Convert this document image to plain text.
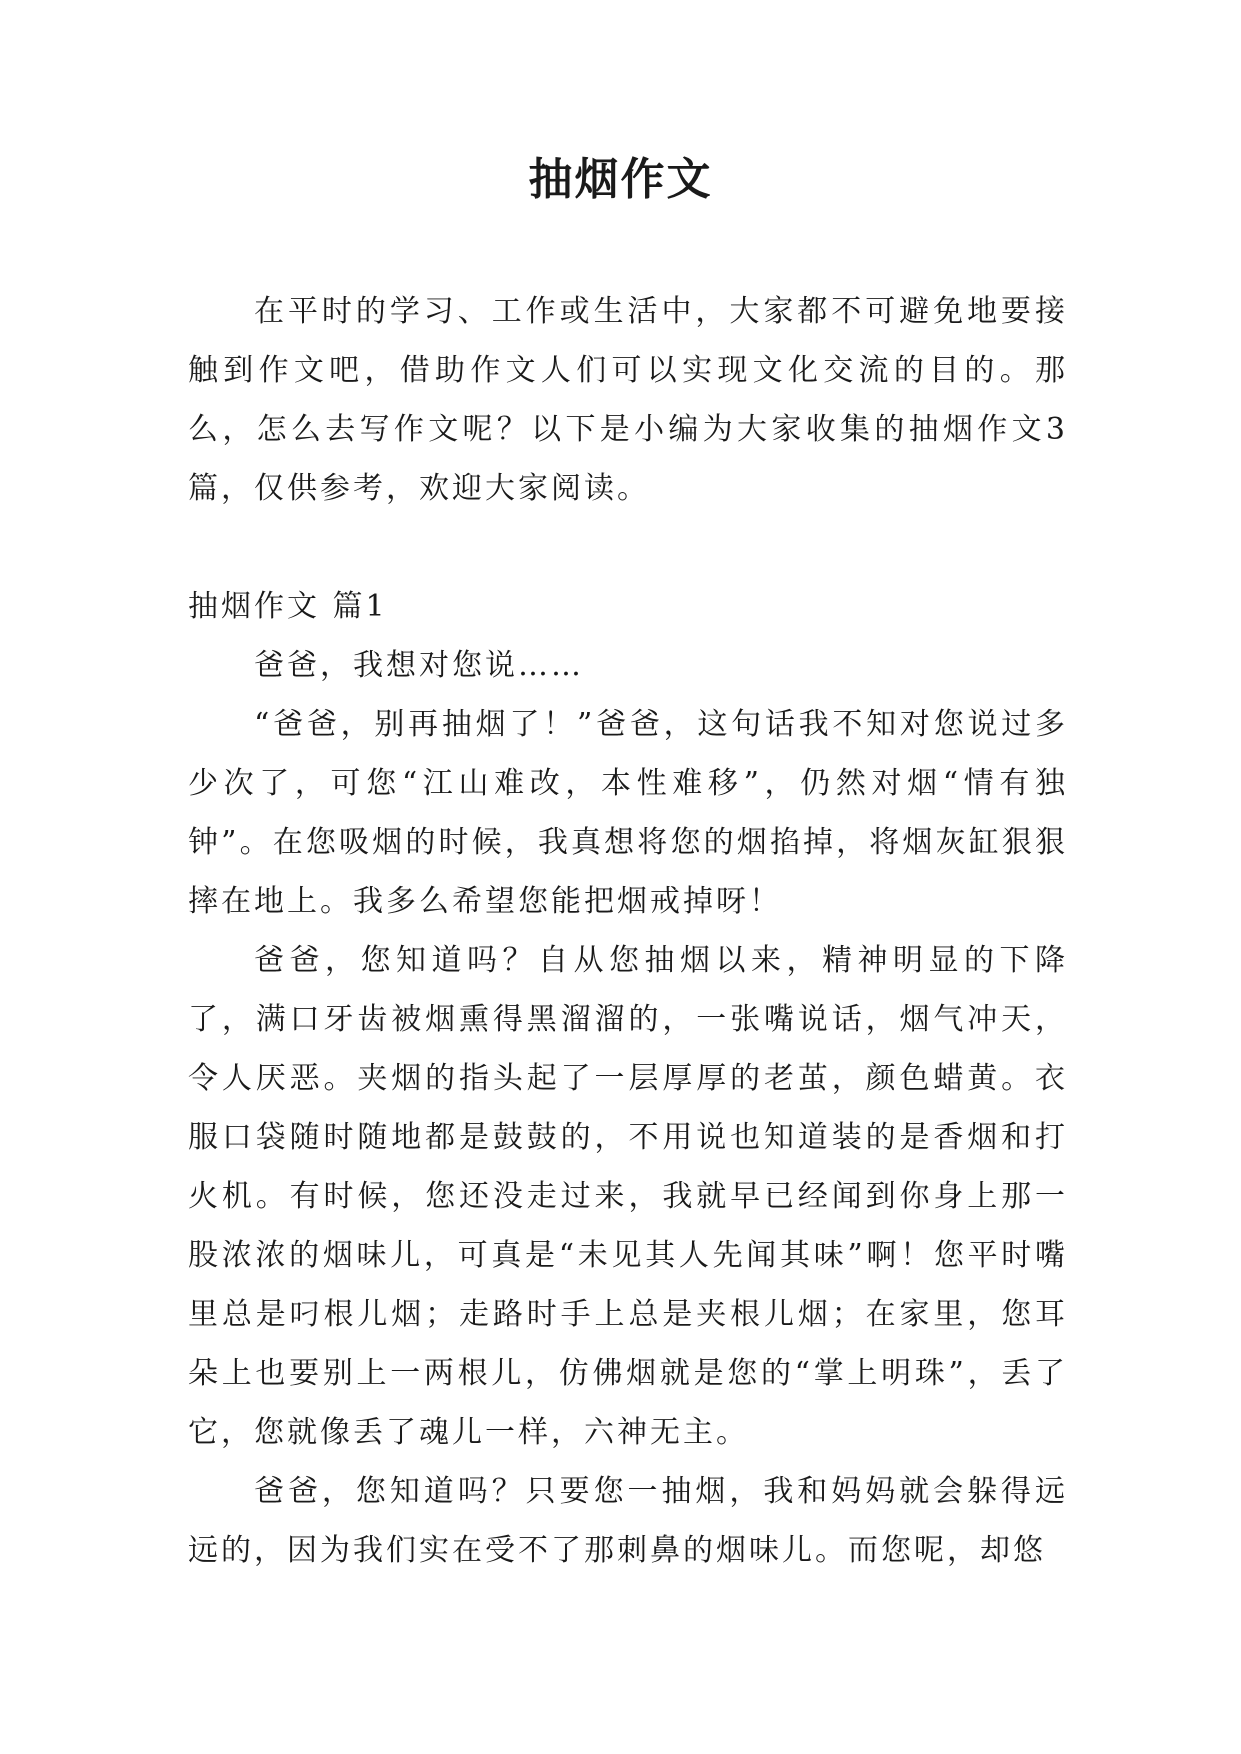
抽烟作文

在平时的学习、工作或生活中，大家都不可避免地要接触到作文吧，借助作文人们可以实现文化交流的目的。那么，怎么去写作文呢？以下是小编为大家收集的抽烟作文3篇，仅供参考，欢迎大家阅读。

抽烟作文 篇1

爸爸，我想对您说……

“爸爸，别再抽烟了！”爸爸，这句话我不知对您说过多少次了，可您“江山难改，本性难移”，仍然对烟“情有独钟”。在您吸烟的时候，我真想将您的烟掐掉，将烟灰缸狠狠摔在地上。我多么希望您能把烟戒掉呀！

爸爸，您知道吗？自从您抽烟以来，精神明显的下降了，满口牙齿被烟熏得黑溜溜的，一张嘴说话，烟气冲天，令人厌恶。夹烟的指头起了一层厚厚的老茧，颜色蜡黄。衣服口袋随时随地都是鼓鼓的，不用说也知道装的是香烟和打火机。有时候，您还没走过来，我就早已经闻到你身上那一股浓浓的烟味儿，可真是“未见其人先闻其味”啊！您平时嘴里总是叼根儿烟；走路时手上总是夹根儿烟；在家里，您耳朵上也要别上一两根儿，仿佛烟就是您的“掌上明珠”，丢了它，您就像丢了魂儿一样，六神无主。

爸爸，您知道吗？只要您一抽烟，我和妈妈就会躲得远远的，因为我们实在受不了那刺鼻的烟味儿。而您呢，却悠
